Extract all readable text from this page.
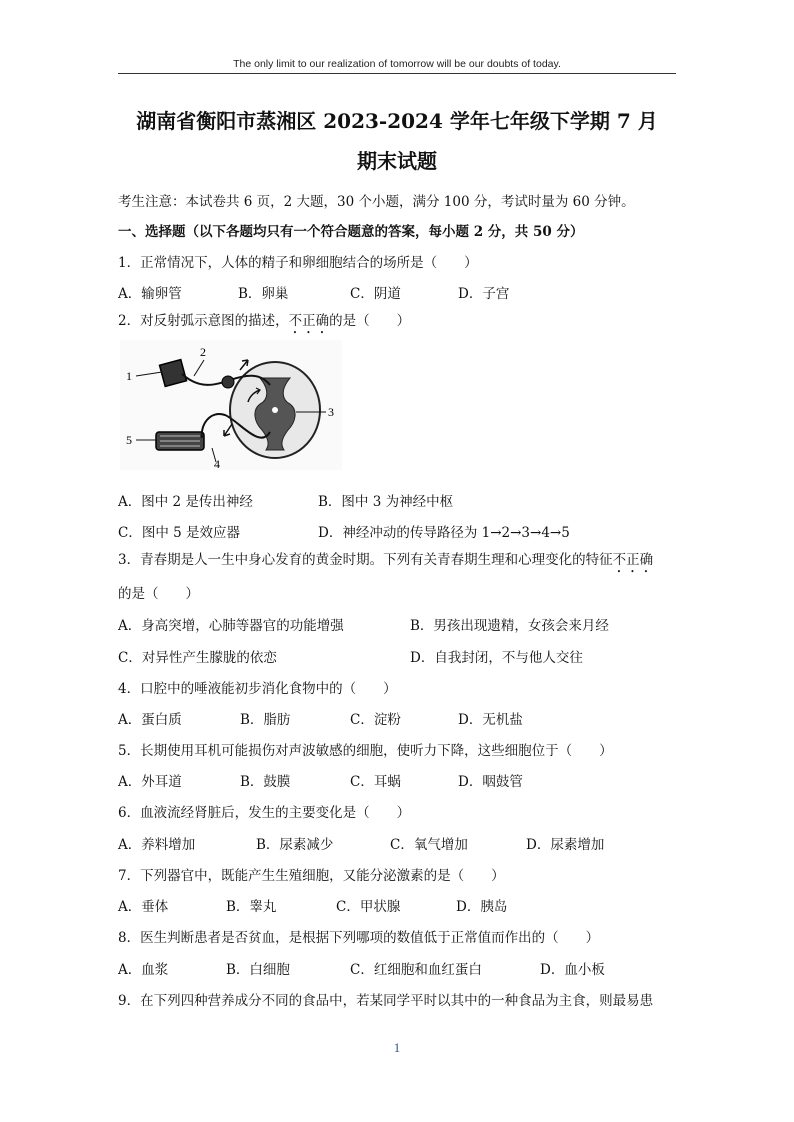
The only limit to our realization of tomorrow will be our doubts of today.
湖南省衡阳市蒸湘区 2023-2024 学年七年级下学期 7 月
期末试题
考生注意：本试卷共 6 页，2 大题，30 个小题，满分 100 分，考试时量为 60 分钟。
一、选择题（以下各题均只有一个符合题意的答案，每小题 2 分，共 50 分）
1．正常情况下，人体的精子和卵细胞结合的场所是（　　）
A．输卵管	B．卵巢	C．阴道	D．子宫
2．对反射弧示意图的描述，不正确的是（　　）
1
2
3
4
5
A．图中 2 是传出神经	B．图中 3 为神经中枢
C．图中 5 是效应器	D．神经冲动的传导路径为 1→2→3→4→5
3．青春期是人一生中身心发育的黄金时期。下列有关青春期生理和心理变化的特征不正确
的是（　　）
A．身高突增，心肺等器官的功能增强	B．男孩出现遗精，女孩会来月经
C．对异性产生朦胧的依恋	D．自我封闭，不与他人交往
4．口腔中的唾液能初步消化食物中的（　　）
A．蛋白质	B．脂肪	C．淀粉	D．无机盐
5．长期使用耳机可能损伤对声波敏感的细胞，使听力下降，这些细胞位于（　　）
A．外耳道	B．鼓膜	C．耳蜗	D．咽鼓管
6．血液流经肾脏后，发生的主要变化是（　　）
A．养料增加	B．尿素减少	C．氧气增加	D．尿素增加
7．下列器官中，既能产生生殖细胞，又能分泌激素的是（　　）
A．垂体	B．睾丸	C．甲状腺	D．胰岛
8．医生判断患者是否贫血，是根据下列哪项的数值低于正常值而作出的（　　）
A．血浆	B．白细胞	C．红细胞和血红蛋白	D．血小板
9．在下列四种营养成分不同的食品中，若某同学平时以其中的一种食品为主食，则最易患
1
